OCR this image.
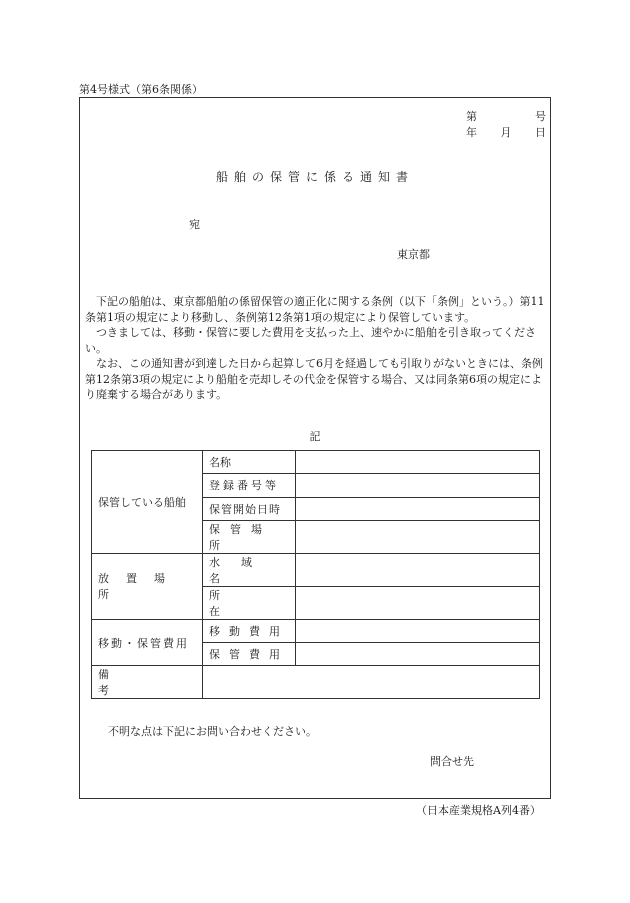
第4号様式（第6条関係）
第	号
年 月 日
船舶の保管に係る通知書
宛
東京都

下記の船舶は、東京都船舶の係留保管の適正化に関する条例（以下「条例」という。）第11条第1項の規定により移動し、条例第12条第1項の規定により保管しています。

つきましては、移動・保管に要した費用を支払った上、速やかに船舶を引き取ってください。

なお、この通知書が到達した日から起算して6月を経過しても引取りがないときには、条例第12条第3項の規定により船舶を売却しその代金を保管する場合、又は同条第6項の規定により廃棄する場合があります。

記
保管している船舶	名称	

	登録番号等	
	保管開始日時	
	保管場所	
放置場所	水域名	
	所在	
移動・保管費用	移動費用	
	保管費用	
備考		
不明な点は下記にお問い合わせください。
問合せ先
（日本産業規格A列4番）
